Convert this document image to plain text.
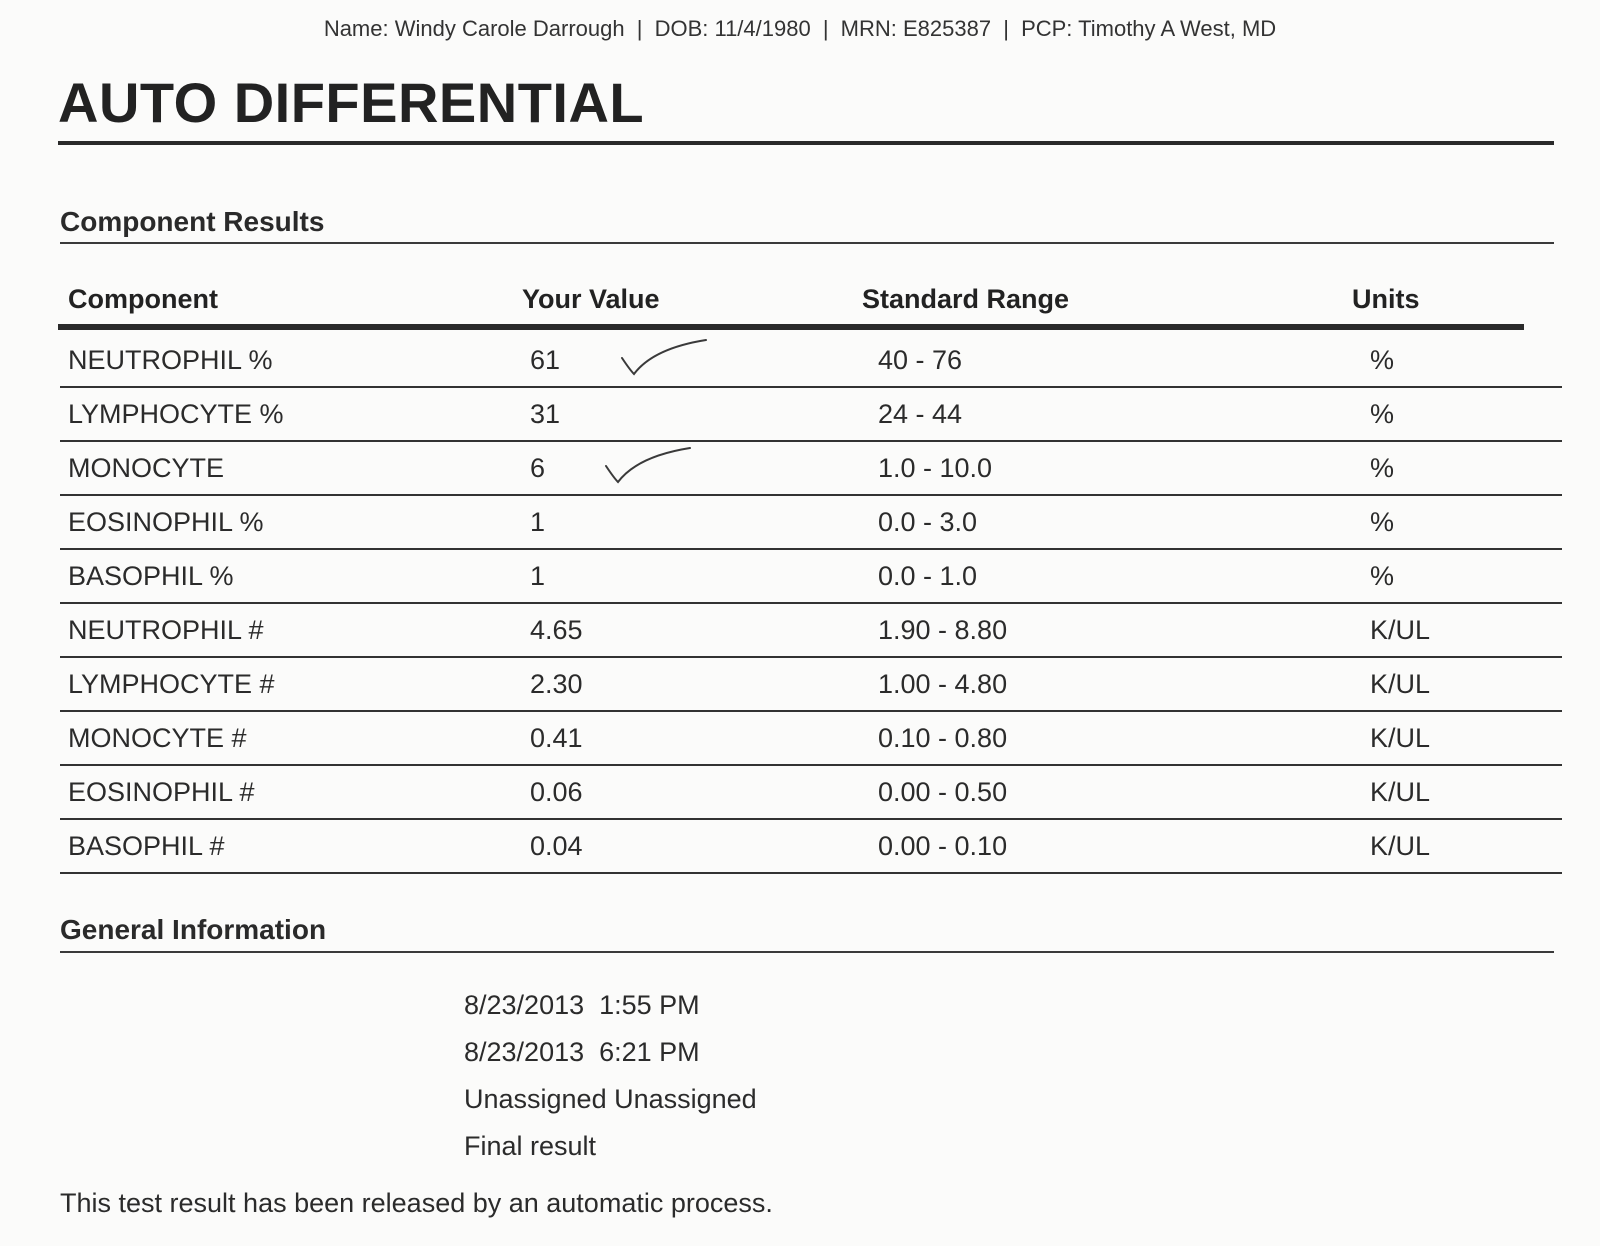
Name: Windy Carole Darrough | DOB: 11/4/1980 | MRN: E825387 | PCP: Timothy A West, MD
AUTO DIFFERENTIAL
Component Results
Component	Your Value	Standard Range	Units
NEUTROPHIL %	61	40 - 76	%
LYMPHOCYTE %	31	24 - 44	%
MONOCYTE	6	1.0 - 10.0	%
EOSINOPHIL %	1	0.0 - 3.0	%
BASOPHIL %	1	0.0 - 1.0	%
NEUTROPHIL #	4.65	1.90 - 8.80	K/UL
LYMPHOCYTE #	2.30	1.00 - 4.80	K/UL
MONOCYTE #	0.41	0.10 - 0.80	K/UL
EOSINOPHIL #	0.06	0.00 - 0.50	K/UL
BASOPHIL #	0.04	0.00 - 0.10	K/UL
General Information
8/23/2013  1:55 PM
8/23/2013  6:21 PM
Unassigned Unassigned
Final result
This test result has been released by an automatic process.
